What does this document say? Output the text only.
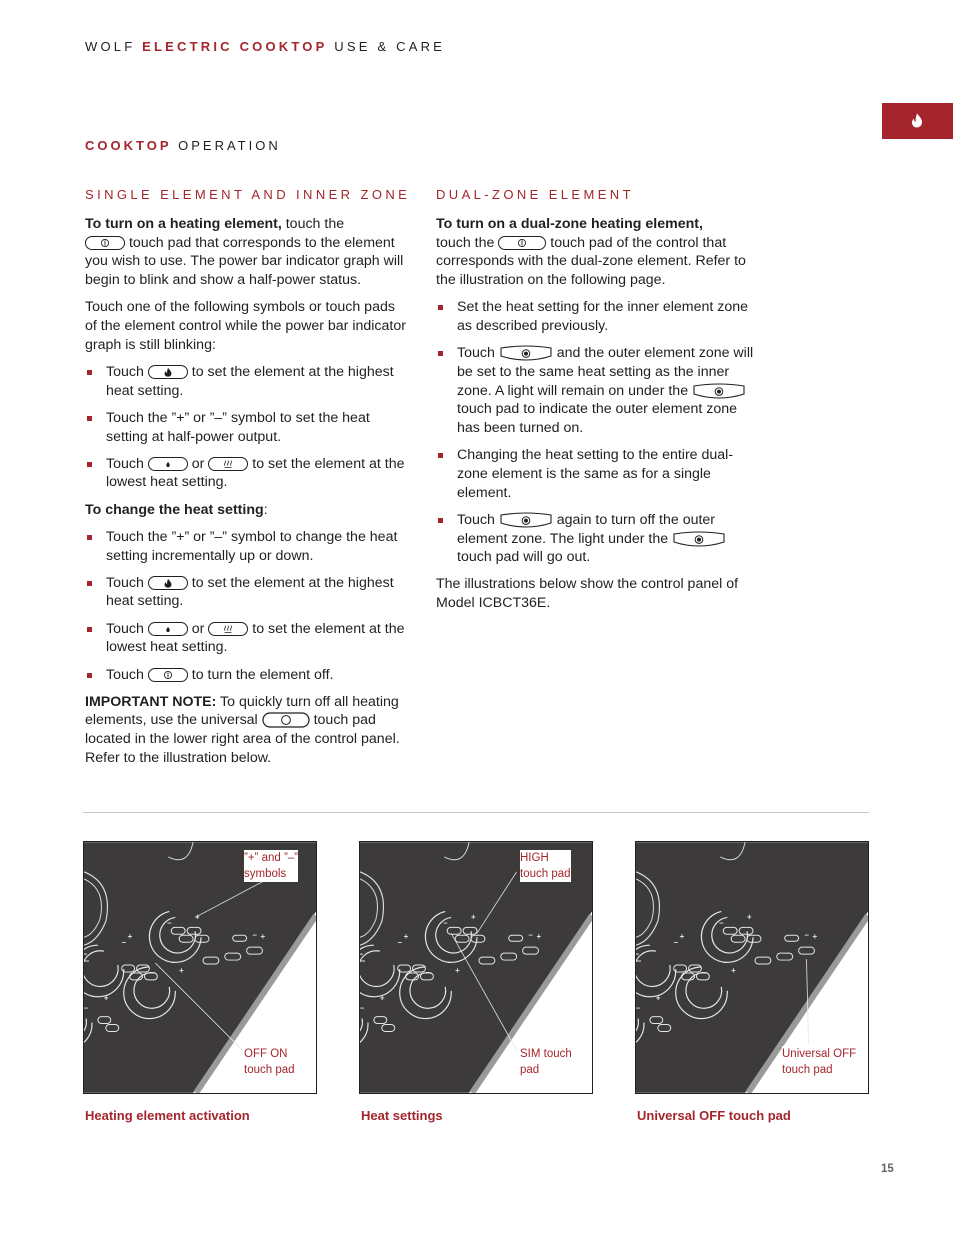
WOLF ELECTRIC COOKTOP USE & CARE
COOKTOP OPERATION
SINGLE ELEMENT AND INNER ZONE DUAL-ZONE ELEMENT

To turn on a heating element, touch the

touch pad that corresponds to the element you wish to use. The power bar indicator graph will begin to blink and show a half-power status.

Touch one of the following symbols or touch pads of the element control while the power bar indicator graph is still blinking:

Touch	to set the element at the highest heat setting.
Touch the ”+” or ”–” symbol to set the heat setting at half-power output.
Touch	or	to set the element at the lowest heat setting.

To change the heat setting:

Touch the ”+” or ”–” symbol to change the heat setting incrementally up or down.
Touch	to set the element at the highest heat setting.
Touch	or	to set the element at the lowest heat setting.
Touch	to turn the element off.

IMPORTANT NOTE: To quickly turn off all heating elements, use the universal	touch pad located in the lower right area of the control panel. Refer to the illustration below.

To turn on a dual-zone heating element,
touch the	touch pad of the control that corresponds with the dual-zone element. Refer to the illustration on the following page.

Set the heat setting for the inner element zone as described previously.
Touch	and the outer element zone will be set to the same heat setting as the inner zone. A light will remain on under the
touch pad to indicate the outer element zone has been turned on.
Changing the heat setting to the entire dual-zone element is the same as for a single element.
Touch	again to turn off the outer element zone. The light under the
touch pad will go out.

The illustrations below show the control panel of Model ICBCT36E.

”+” and ”–”
symbols
OFF ON
touch pad
HIGH
touch pad
SIM touch
pad
Universal OFF
touch pad
Heating element activation	Heat settings	Universal OFF touch pad
15
